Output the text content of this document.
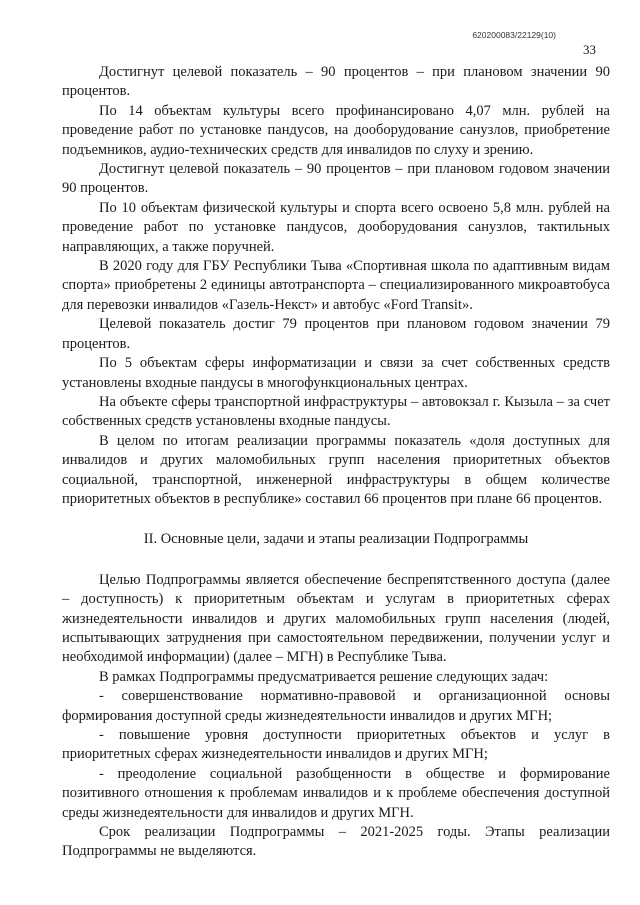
620200083/22129(10)
33

Достигнут целевой показатель – 90 процентов – при плановом значении 90 процентов.

По 14 объектам культуры всего профинансировано 4,07 млн. рублей на проведение работ по установке пандусов, на дооборудование санузлов, приобретение подъемников, аудио-технических средств для инвалидов по слуху и зрению.

Достигнут целевой показатель – 90 процентов – при плановом годовом значении 90 процентов.

По 10 объектам физической культуры и спорта всего освоено 5,8 млн. рублей на проведение работ по установке пандусов, дооборудования санузлов, тактильных направляющих, а также поручней.

В 2020 году для ГБУ Республики Тыва «Спортивная школа по адаптивным видам спорта» приобретены 2 единицы автотранспорта – специализированного микроавтобуса для перевозки инвалидов «Газель-Некст» и автобус «Ford Transit».

Целевой показатель достиг 79 процентов при плановом годовом значении 79 процентов.

По 5 объектам сферы информатизации и связи за счет собственных средств установлены входные пандусы в многофункциональных центрах.

На объекте сферы транспортной инфраструктуры – автовокзал г. Кызыла – за счет собственных средств установлены входные пандусы.

В целом по итогам реализации программы показатель «доля доступных для инвалидов и других маломобильных групп населения приоритетных объектов социальной, транспортной, инженерной инфраструктуры в общем количестве приоритетных объектов в республике» составил 66 процентов при плане 66 процентов.

II. Основные цели, задачи и этапы реализации Подпрограммы

Целью Подпрограммы является обеспечение беспрепятственного доступа (далее – доступность) к приоритетным объектам и услугам в приоритетных сферах жизнедеятельности инвалидов и других маломобильных групп населения (людей, испытывающих затруднения при самостоятельном передвижении, получении услуг и необходимой информации) (далее – МГН) в Республике Тыва.

В рамках Подпрограммы предусматривается решение следующих задач:

- совершенствование нормативно-правовой и организационной основы формирования доступной среды жизнедеятельности инвалидов и других МГН;

- повышение уровня доступности приоритетных объектов и услуг в приоритетных сферах жизнедеятельности инвалидов и других МГН;

- преодоление социальной разобщенности в обществе и формирование позитивного отношения к проблемам инвалидов и к проблеме обеспечения доступной среды жизнедеятельности для инвалидов и других МГН.

Срок реализации Подпрограммы – 2021-2025 годы. Этапы реализации Подпрограммы не выделяются.
